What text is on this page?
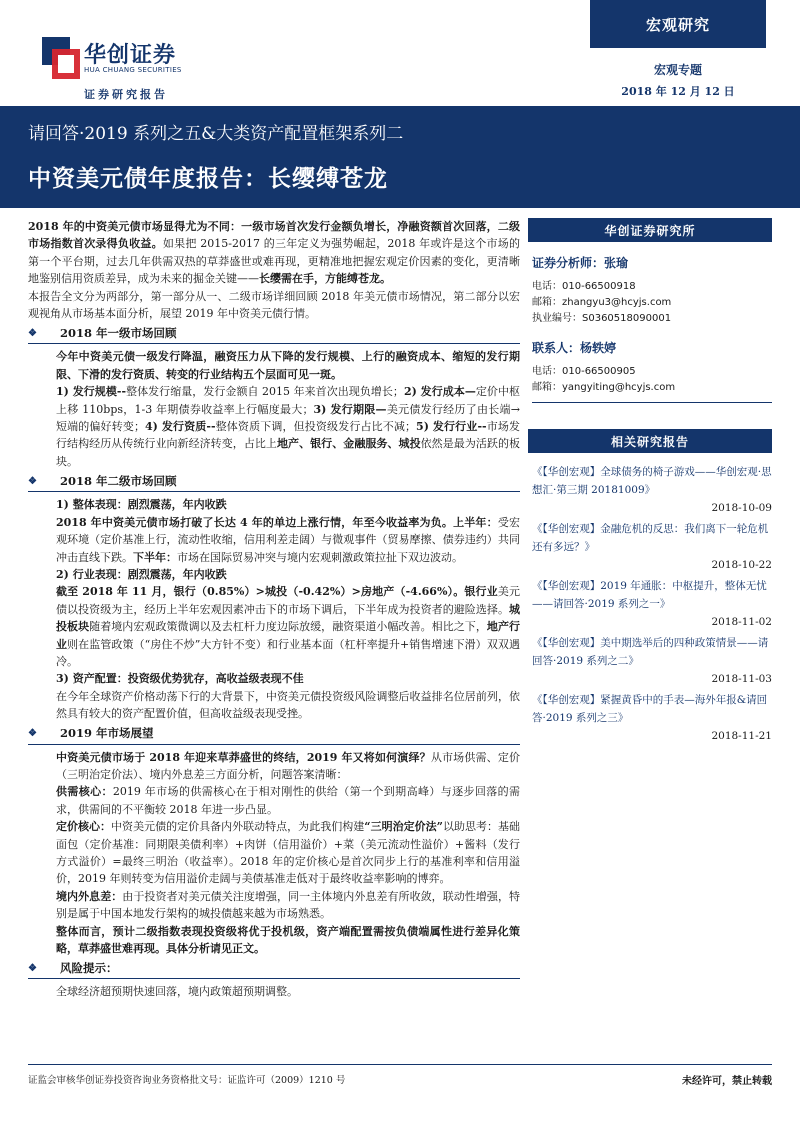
华创证券
HUA CHUANG SECURITIES
证券研究报告
宏观研究
宏观专题
2018 年 12 月 12 日
请回答·2019 系列之五&大类资产配置框架系列二
中资美元债年度报告：长缨缚苍龙

2018 年的中资美元债市场显得尤为不同：一级市场首次发行金额负增长，净融资额首次回落，二级市场指数首次录得负收益。如果把 2015-2017 的三年定义为强势崛起，2018 年或许是这个市场的第一个平台期，过去几年供需双热的草莽盛世或难再现，更精准地把握宏观定价因素的变化，更清晰地鉴别信用资质差异，成为未来的掘金关键——长缨需在手，方能缚苍龙。

本报告全文分为两部分，第一部分从一、二级市场详细回顾 2018 年美元债市场情况，第二部分以宏观视角从市场基本面分析，展望 2019 年中资美元债行情。

❖	2018 年一级市场回顾

今年中资美元债一级发行降温，融资压力从下降的发行规模、上行的融资成本、缩短的发行期限、下滑的发行资质、转变的行业结构五个层面可见一斑。

1) 发行规模--整体发行缩量，发行金额自 2015 年来首次出现负增长；2) 发行成本—定价中枢上移 110bps，1-3 年期债券收益率上行幅度最大；3) 发行期限—美元债发行经历了由长端→短端的偏好转变；4) 发行资质--整体资质下调，但投资级发行占比不减；5) 发行行业--市场发行结构经历从传统行业向新经济转变，占比上地产、银行、金融服务、城投依然是最为活跃的板块。

❖	2018 年二级市场回顾

1) 整体表现：剧烈震荡，年内收跌

2018 年中资美元债市场打破了长达 4 年的单边上涨行情，年至今收益率为负。上半年：受宏观环境（定价基准上行，流动性收缩，信用利差走阔）与微观事件（贸易摩擦、债券违约）共同冲击直线下跌。下半年：市场在国际贸易冲突与境内宏观刺激政策拉扯下双边波动。

2) 行业表现：剧烈震荡，年内收跌

截至 2018 年 11 月，银行（0.85%）>城投（-0.42%）>房地产（-4.66%）。银行业美元债以投资级为主，经历上半年宏观因素冲击下的市场下调后，下半年成为投资者的避险选择。城投板块随着境内宏观政策微调以及去杠杆力度边际放缓，融资渠道小幅改善。相比之下，地产行业则在监管政策（“房住不炒”大方针不变）和行业基本面（杠杆率提升+销售增速下滑）双双遇冷。

3) 资产配置：投资级优势犹存，高收益级表现不佳

在今年全球资产价格动荡下行的大背景下，中资美元债投资级风险调整后收益排名位居前列，依然具有较大的资产配置价值，但高收益级表现受挫。

❖	2019 年市场展望

中资美元债市场于 2018 年迎来草莽盛世的终结，2019 年又将如何演绎？从市场供需、定价（三明治定价法）、境内外息差三方面分析，问题答案清晰：

供需核心：2019 年市场的供需核心在于相对刚性的供给（第一个到期高峰）与逐步回落的需求，供需间的不平衡较 2018 年进一步凸显。

定价核心：中资美元债的定价具备内外联动特点，为此我们构建“三明治定价法”以助思考：基础面包（定价基准：同期限美债利率）+肉饼（信用溢价）+菜（美元流动性溢价）+酱料（发行方式溢价）=最终三明治（收益率）。2018 年的定价核心是首次同步上行的基准利率和信用溢价，2019 年则转变为信用溢价走阔与美债基准走低对于最终收益率影响的博弈。

境内外息差：由于投资者对美元债关注度增强，同一主体境内外息差有所收敛，联动性增强，特别是属于中国本地发行架构的城投债越来越为市场熟悉。

整体而言，预计二级指数表现投资级将优于投机级，资产端配置需按负债端属性进行差异化策略，草莽盛世难再现。具体分析请见正文。

❖	风险提示：

全球经济超预期快速回落，境内政策超预期调整。

华创证券研究所
证券分析师：张瑜
电话：010-66500918
邮箱：zhangyu3@hcyjs.com
执业编号：S0360518090001
联系人：杨轶婷
电话：010-66500905
邮箱：yangyiting@hcyjs.com
相关研究报告
《【华创宏观】全球债务的椅子游戏——华创宏观·思想汇·第三期 20181009》
2018-10-09
《【华创宏观】金融危机的反思：我们离下一轮危机还有多远？》
2018-10-22
《【华创宏观】2019 年通胀：中枢提升，整体无忧——请回答·2019 系列之一》
2018-11-02
《【华创宏观】美中期选举后的四种政策情景——请回答·2019 系列之二》
2018-11-03
《【华创宏观】紧握黄昏中的手表—海外年报&请回答·2019 系列之三》
2018-11-21
证监会审核华创证券投资咨询业务资格批文号：证监许可（2009）1210 号	未经许可，禁止转载
